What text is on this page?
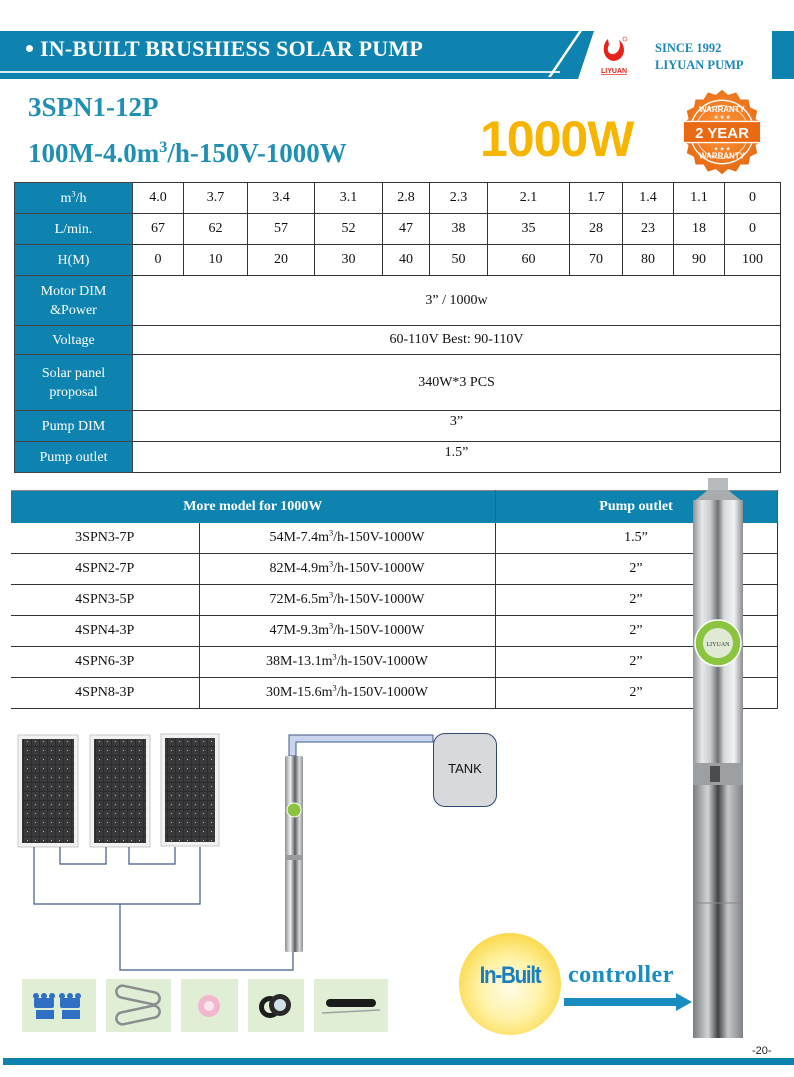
IN-BUILT BRUSHIESS SOLAR PUMP
LIYUAN
SINCE 1992
LIYUAN PUMP
3SPN1-12P
$100M-4.0m^3/h-150V-1000W$	1000W	2 YEAR
WARRANTY
WARRANTY
★ ★ ★
★ ★ ★
$m^3/h$	4.0	3.7	3.4	3.1	2.8	2.3	2.1	1.7	1.4	1.1	0
L/min.	67	62	57	52	47	38	35	28	23	18	0
H(M)	0	10	20	30	40	50	60	70	80	90	100
Motor DIM &Power	3” / 1000w										
Voltage	60-110V Best: 90-110V										
Solar panel proposal	340W*3 PCS										
Pump DIM	3”										
Pump outlet	1.5”										
More model for 1000W		Pump outlet
3SPN3-7P	$54M-7.4m^3/h-150V-1000W$	1.5”
4SPN2-7P	$82M-4.9m^3/h-150V-1000W$	2”
4SPN3-5P	$72M-6.5m^3/h-150V-1000W$	2”
4SPN4-3P	$47M-9.3m^3/h-150V-1000W$	2”
4SPN6-3P	$38M-13.1m^3/h-150V-1000W$	2”
4SPN8-3P	$30M-15.6m^3/h-150V-1000W$	2”
LIYUAN
TANK
In-Built	controller
-20-
